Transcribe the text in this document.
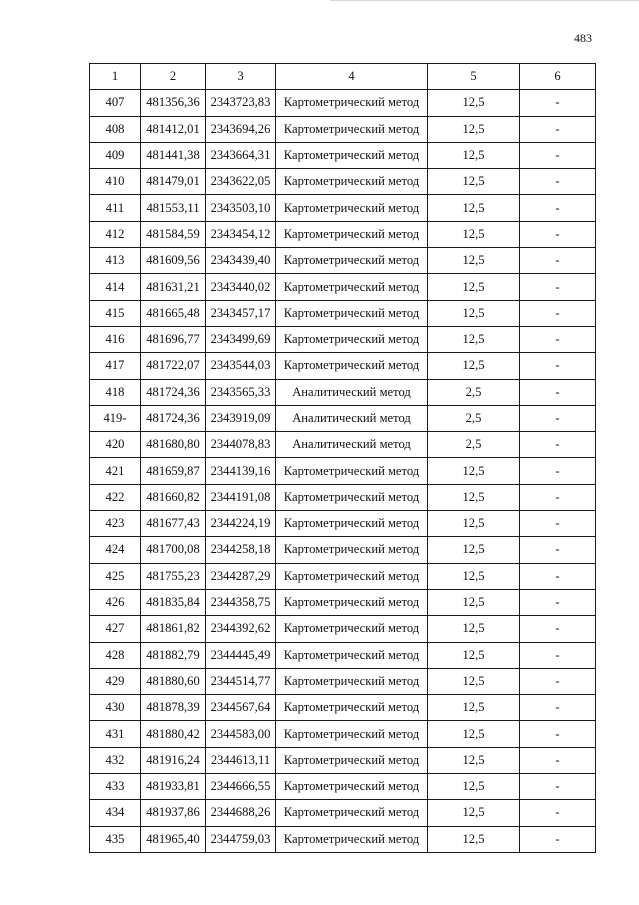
483
1	2	3	4	5	6
407	481356,36	2343723,83	Картометрический метод	12,5	-
408	481412,01	2343694,26	Картометрический метод	12,5	-
409	481441,38	2343664,31	Картометрический метод	12,5	-
410	481479,01	2343622,05	Картометрический метод	12,5	-
411	481553,11	2343503,10	Картометрический метод	12,5	-
412	481584,59	2343454,12	Картометрический метод	12,5	-
413	481609,56	2343439,40	Картометрический метод	12,5	-
414	481631,21	2343440,02	Картометрический метод	12,5	-
415	481665,48	2343457,17	Картометрический метод	12,5	-
416	481696,77	2343499,69	Картометрический метод	12,5	-
417	481722,07	2343544,03	Картометрический метод	12,5	-
418	481724,36	2343565,33	Аналитический метод	2,5	-
419-	481724,36	2343919,09	Аналитический метод	2,5	-
420	481680,80	2344078,83	Аналитический метод	2,5	-
421	481659,87	2344139,16	Картометрический метод	12,5	-
422	481660,82	2344191,08	Картометрический метод	12,5	-
423	481677,43	2344224,19	Картометрический метод	12,5	-
424	481700,08	2344258,18	Картометрический метод	12,5	-
425	481755,23	2344287,29	Картометрический метод	12,5	-
426	481835,84	2344358,75	Картометрический метод	12,5	-
427	481861,82	2344392,62	Картометрический метод	12,5	-
428	481882,79	2344445,49	Картометрический метод	12,5	-
429	481880,60	2344514,77	Картометрический метод	12,5	-
430	481878,39	2344567,64	Картометрический метод	12,5	-
431	481880,42	2344583,00	Картометрический метод	12,5	-
432	481916,24	2344613,11	Картометрический метод	12,5	-
433	481933,81	2344666,55	Картометрический метод	12,5	-
434	481937,86	2344688,26	Картометрический метод	12,5	-
435	481965,40	2344759,03	Картометрический метод	12,5	-
